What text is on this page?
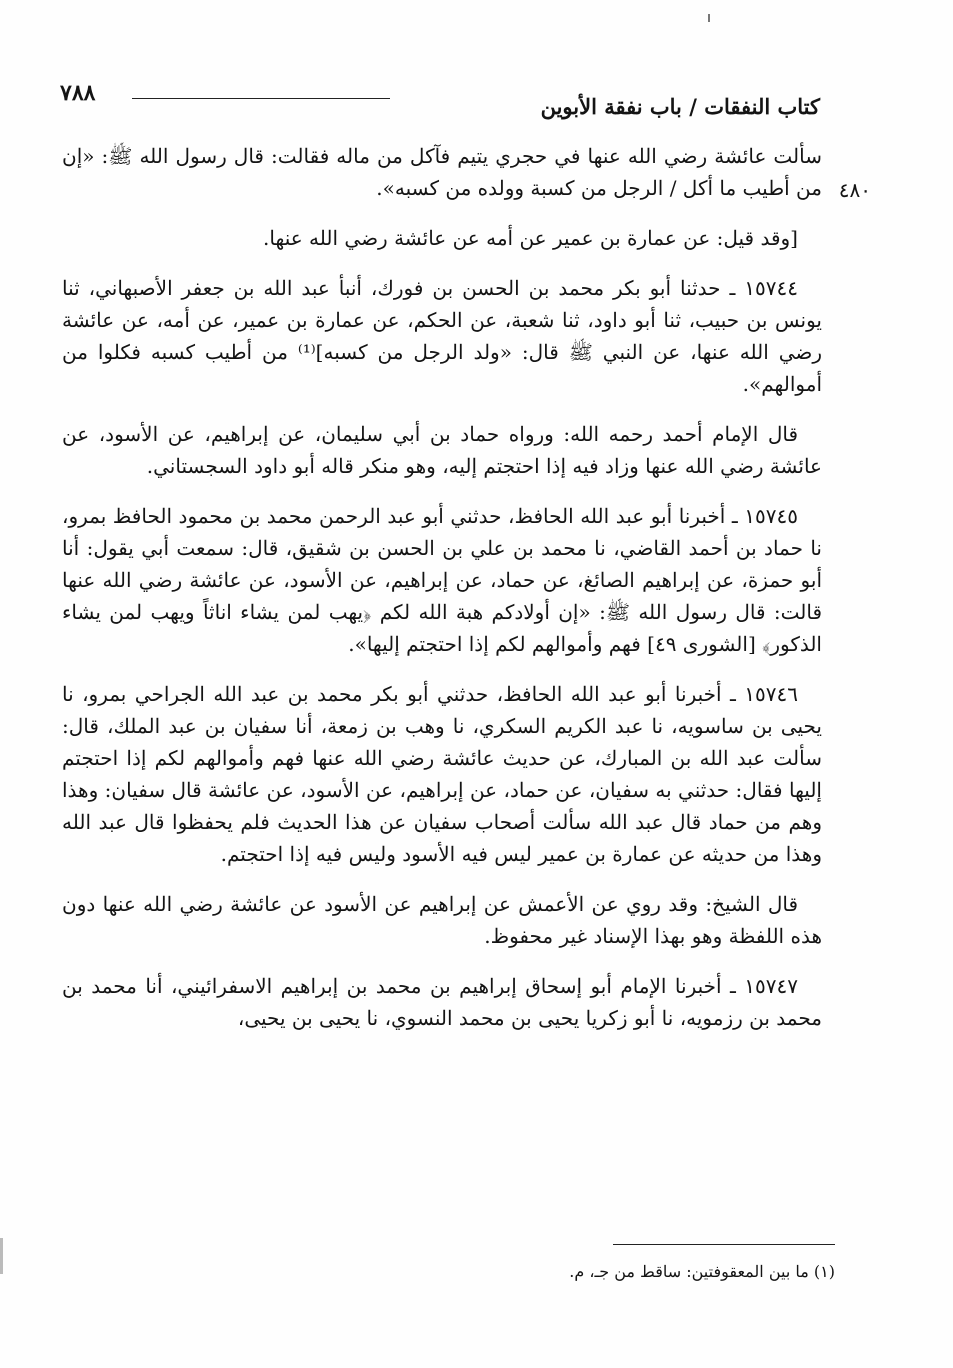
كتاب النفقات / باب نفقة الأبوين
٧٨٨
٤٨٠

سألت عائشة رضي الله عنها في حجري يتيم فآكل من ماله فقالت: قال رسول الله ﷺ: «إن من أطيب ما أكل / الرجل من كسبة وولده من كسبه».

[وقد قيل: عن عمارة بن عمير عن أمه عن عائشة رضي الله عنها.

١٥٧٤٤ ـ حدثنا أبو بكر محمد بن الحسن بن فورك، أنبأ عبد الله بن جعفر الأصبهاني، ثنا يونس بن حبيب، ثنا أبو داود، ثنا شعبة، عن الحكم، عن عمارة بن عمير، عن أمه، عن عائشة رضي الله عنها، عن النبي ﷺ قال: «ولد الرجل من كسبه]⁽¹⁾ من أطيب كسبه فكلوا من أموالهم».

قال الإمام أحمد رحمه الله: ورواه حماد بن أبي سليمان، عن إبراهيم، عن الأسود، عن عائشة رضي الله عنها وزاد فيه إذا احتجتم إليه، وهو منكر قاله أبو داود السجستاني.

١٥٧٤٥ ـ أخبرنا أبو عبد الله الحافظ، حدثني أبو عبد الرحمن محمد بن محمود الحافظ بمرو، نا حماد بن أحمد القاضي، نا محمد بن علي بن الحسن بن شقيق، قال: سمعت أبي يقول: أنا أبو حمزة، عن إبراهيم الصائغ، عن حماد، عن إبراهيم، عن الأسود، عن عائشة رضي الله عنها قالت: قال رسول الله ﷺ: «إن أولادكم هبة الله لكم ﴿يهب لمن يشاء اناثاً ويهب لمن يشاء الذكور﴾ [الشورى ٤٩] فهم وأموالهم لكم إذا احتجتم إليها».

١٥٧٤٦ ـ أخبرنا أبو عبد الله الحافظ، حدثني أبو بكر محمد بن عبد الله الجراحي بمرو، نا يحيى بن ساسويه، نا عبد الكريم السكري، نا وهب بن زمعة، أنا سفيان بن عبد الملك، قال: سألت عبد الله بن المبارك، عن حديث عائشة رضي الله عنها فهم وأموالهم لكم إذا احتجتم إليها فقال: حدثني به سفيان، عن حماد، عن إبراهيم، عن الأسود، عن عائشة قال سفيان: وهذا وهم من حماد قال عبد الله سألت أصحاب سفيان عن هذا الحديث فلم يحفظوا قال عبد الله وهذا من حديثه عن عمارة بن عمير ليس فيه الأسود وليس فيه إذا احتجتم.

قال الشيخ: وقد روي عن الأعمش عن إبراهيم عن الأسود عن عائشة رضي الله عنها دون هذه اللفظة وهو بهذا الإسناد غير محفوظ.

١٥٧٤٧ ـ أخبرنا الإمام أبو إسحاق إبراهيم بن محمد بن إبراهيم الاسفرائيني، أنا محمد بن محمد بن رزمويه، نا أبو زكريا يحيى بن محمد النسوي، نا يحيى بن يحيى،

(١) ما بين المعقوفتين: ساقط من جـ، م.
